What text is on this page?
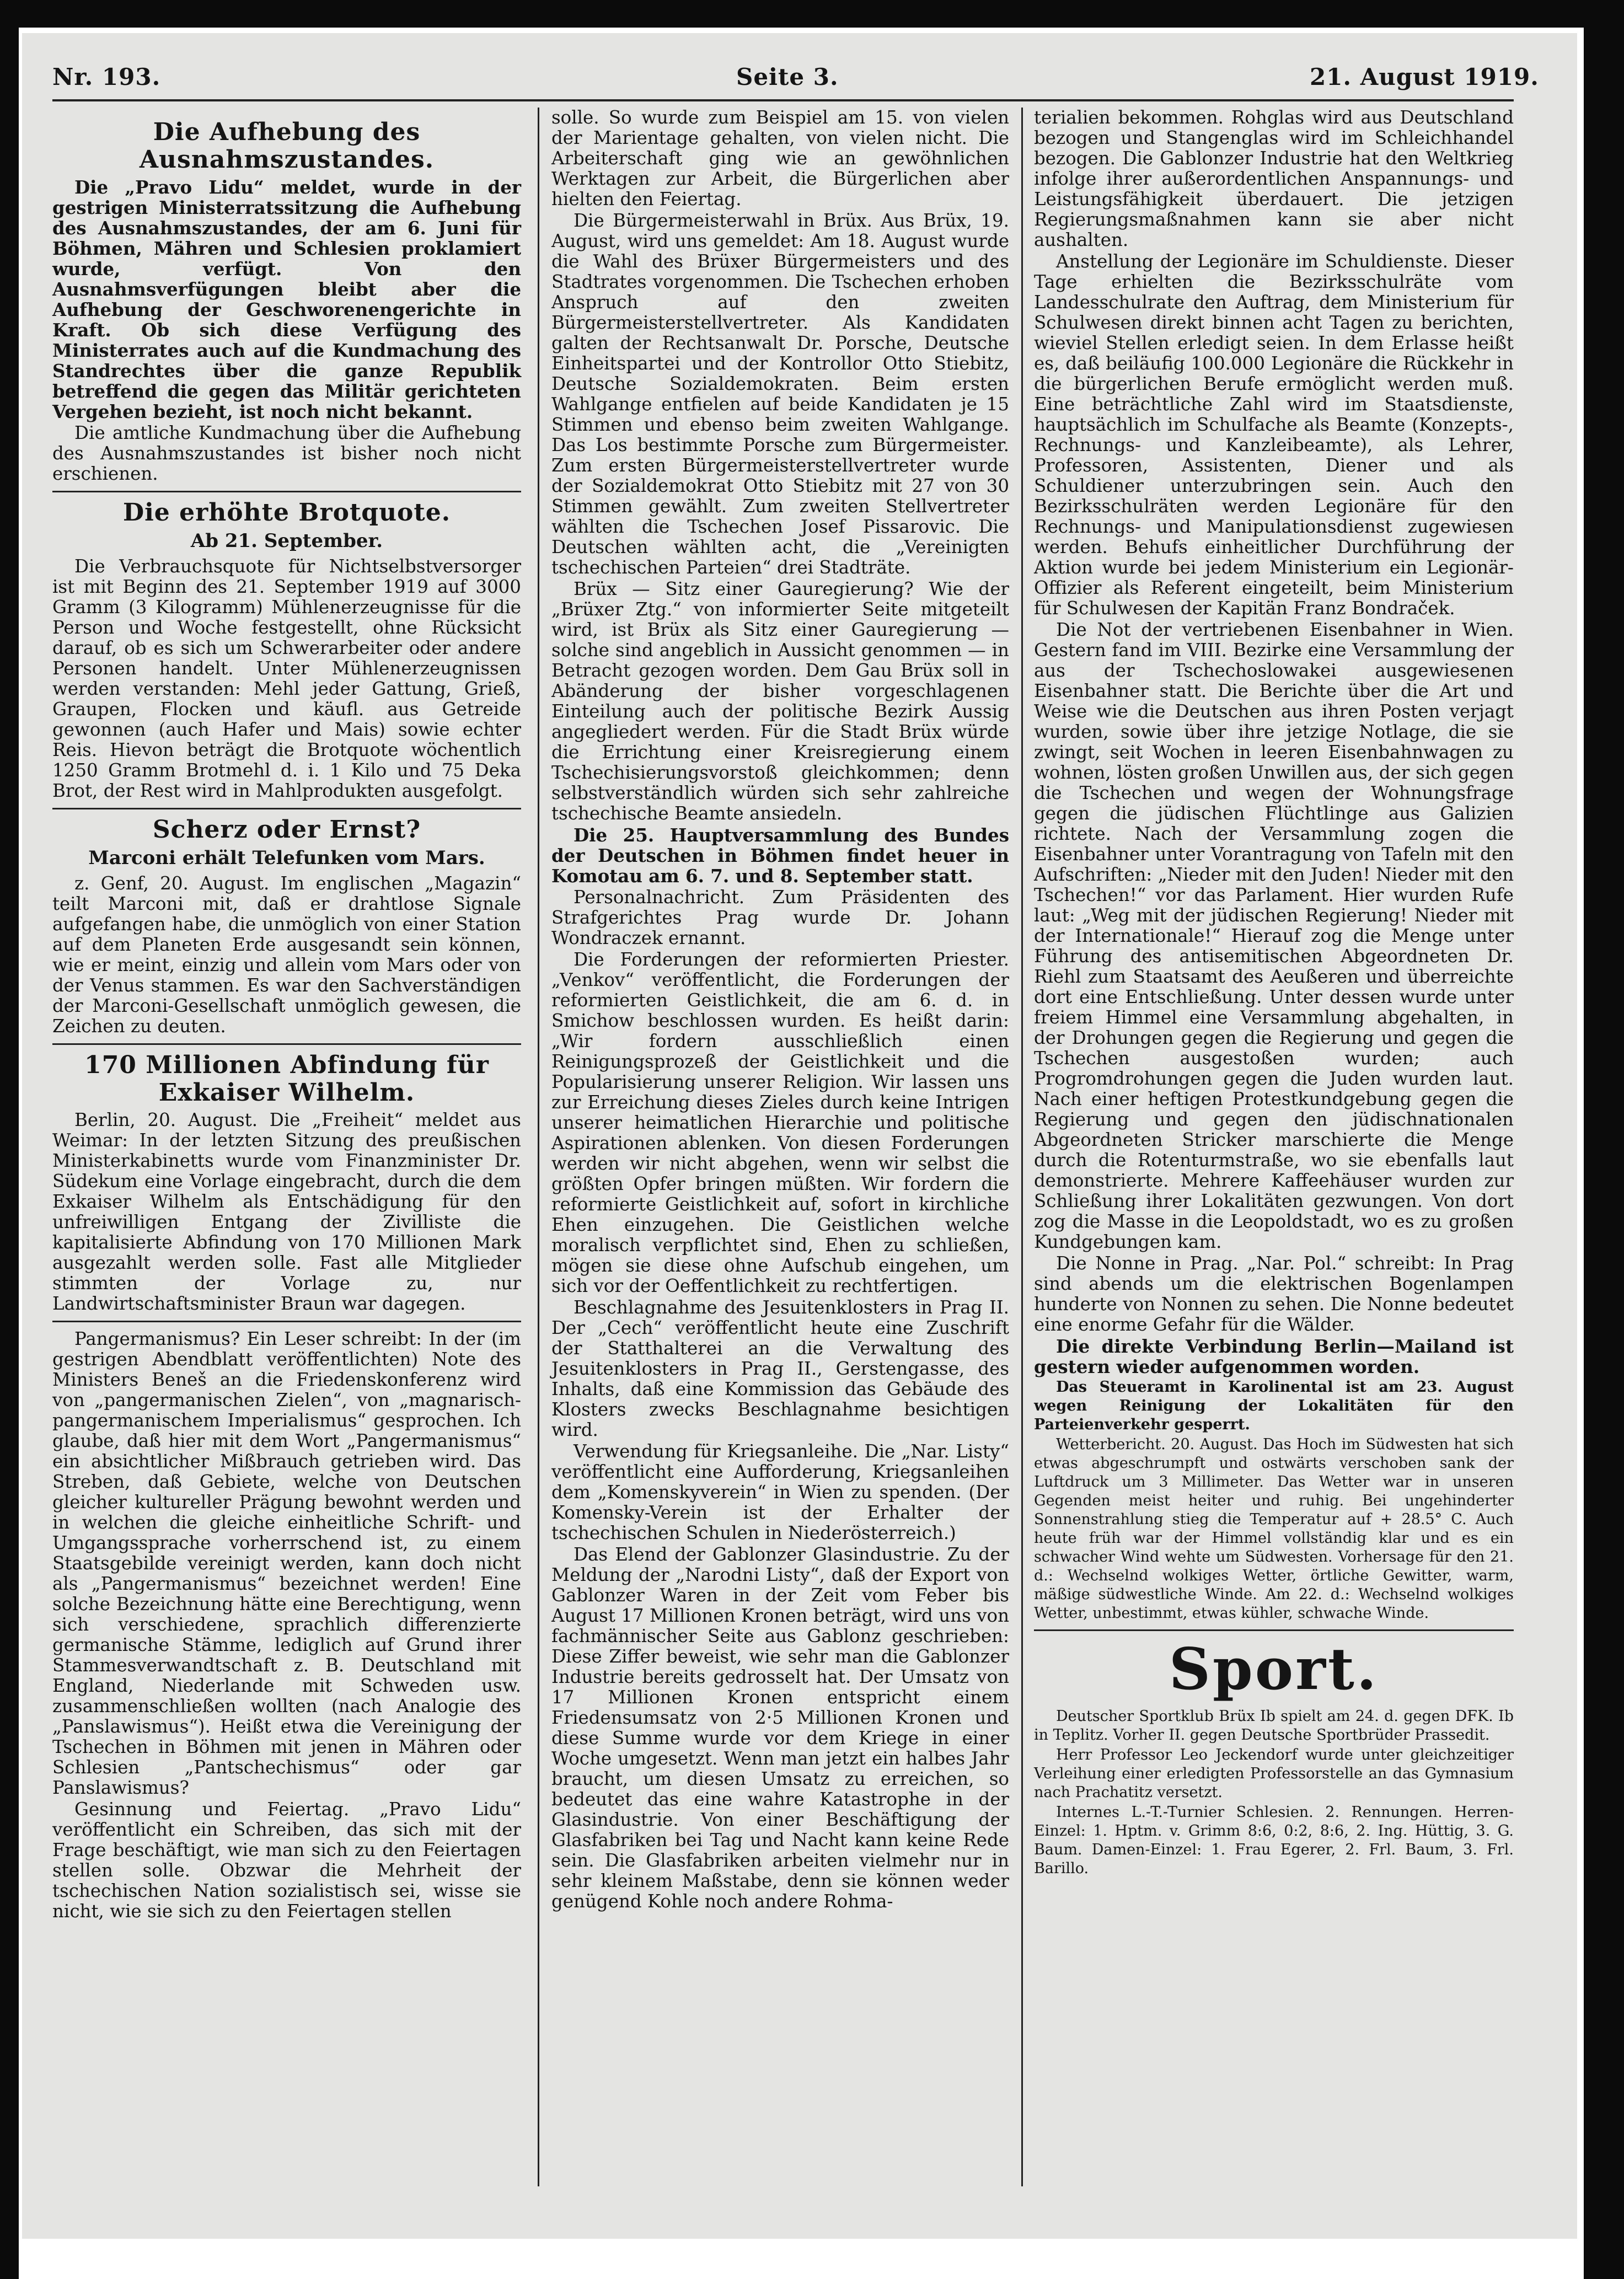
Nr. 193.	Seite 3.	21. August 1919.
Die Aufhebung des Ausnahmszustandes.

Die „Pravo Lidu“ meldet, wurde in der gestrigen Ministerratssitzung die Aufhebung des Ausnahmszustandes, der am 6. Juni für Böhmen, Mähren und Schlesien proklamiert wurde, verfügt. Von den Ausnahmsverfügungen bleibt aber die Aufhebung der Geschworenengerichte in Kraft. Ob sich diese Verfügung des Ministerrates auch auf die Kundmachung des Standrechtes über die ganze Republik betreffend die gegen das Militär gerichteten Vergehen bezieht, ist noch nicht bekannt.

Die amtliche Kundmachung über die Aufhebung des Ausnahmszustandes ist bisher noch nicht erschienen.

Die erhöhte Brotquote.
Ab 21. September.

Die Verbrauchsquote für Nichtselbstversorger ist mit Beginn des 21. September 1919 auf 3000 Gramm (3 Kilogramm) Mühlenerzeugnisse für die Person und Woche festgestellt, ohne Rücksicht darauf, ob es sich um Schwerarbeiter oder andere Personen handelt. Unter Mühlenerzeugnissen werden verstanden: Mehl jeder Gattung, Grieß, Graupen, Flocken und käufl. aus Getreide gewonnen (auch Hafer und Mais) sowie echter Reis. Hievon beträgt die Brotquote wöchentlich 1250 Gramm Brotmehl d. i. 1 Kilo und 75 Deka Brot, der Rest wird in Mahlprodukten ausgefolgt.

Scherz oder Ernst?
Marconi erhält Telefunken vom Mars.

z. Genf, 20. August. Im englischen „Magazin“ teilt Marconi mit, daß er drahtlose Signale aufgefangen habe, die unmöglich von einer Station auf dem Planeten Erde ausgesandt sein können, wie er meint, einzig und allein vom Mars oder von der Venus stammen. Es war den Sachverständigen der Marconi-Gesellschaft unmöglich gewesen, die Zeichen zu deuten.

170 Millionen Abfindung für Exkaiser Wilhelm.

Berlin, 20. August. Die „Freiheit“ meldet aus Weimar: In der letzten Sitzung des preußischen Ministerkabinetts wurde vom Finanzminister Dr. Südekum eine Vorlage eingebracht, durch die dem Exkaiser Wilhelm als Entschädigung für den unfreiwilligen Entgang der Zivilliste die kapitalisierte Abfindung von 170 Millionen Mark ausgezahlt werden solle. Fast alle Mitglieder stimmten der Vorlage zu, nur Landwirtschaftsminister Braun war dagegen.

Pangermanismus? Ein Leser schreibt: In der (im gestrigen Abendblatt veröffentlichten) Note des Ministers Beneš an die Friedenskonferenz wird von „pangermanischen Zielen“, von „magnarisch-pangermanischem Imperialismus“ gesprochen. Ich glaube, daß hier mit dem Wort „Pangermanismus“ ein absichtlicher Mißbrauch getrieben wird. Das Streben, daß Gebiete, welche von Deutschen gleicher kultureller Prägung bewohnt werden und in welchen die gleiche einheitliche Schrift- und Umgangssprache vorherrschend ist, zu einem Staatsgebilde vereinigt werden, kann doch nicht als „Pangermanismus“ bezeichnet werden! Eine solche Bezeichnung hätte eine Berechtigung, wenn sich verschiedene, sprachlich differenzierte germanische Stämme, lediglich auf Grund ihrer Stammesverwandtschaft z. B. Deutschland mit England, Niederlande mit Schweden usw. zusammenschließen wollten (nach Analogie des „Panslawismus“). Heißt etwa die Vereinigung der Tschechen in Böhmen mit jenen in Mähren oder Schlesien „Pantschechismus“ oder gar Panslawismus?

Gesinnung und Feiertag. „Pravo Lidu“ veröffentlicht ein Schreiben, das sich mit der Frage beschäftigt, wie man sich zu den Feiertagen stellen solle. Obzwar die Mehrheit der tschechischen Nation sozialistisch sei, wisse sie nicht, wie sie sich zu den Feiertagen stellen

solle. So wurde zum Beispiel am 15. von vielen der Marientage gehalten, von vielen nicht. Die Arbeiterschaft ging wie an gewöhnlichen Werktagen zur Arbeit, die Bürgerlichen aber hielten den Feiertag.

Die Bürgermeisterwahl in Brüx. Aus Brüx, 19. August, wird uns gemeldet: Am 18. August wurde die Wahl des Brüxer Bürgermeisters und des Stadtrates vorgenommen. Die Tschechen erhoben Anspruch auf den zweiten Bürgermeisterstellvertreter. Als Kandidaten galten der Rechtsanwalt Dr. Porsche, Deutsche Einheitspartei und der Kontrollor Otto Stiebitz, Deutsche Sozialdemokraten. Beim ersten Wahlgange entfielen auf beide Kandidaten je 15 Stimmen und ebenso beim zweiten Wahlgange. Das Los bestimmte Porsche zum Bürgermeister. Zum ersten Bürgermeisterstellvertreter wurde der Sozialdemokrat Otto Stiebitz mit 27 von 30 Stimmen gewählt. Zum zweiten Stellvertreter wählten die Tschechen Josef Pissarovic. Die Deutschen wählten acht, die „Vereinigten tschechischen Parteien“ drei Stadträte.

Brüx — Sitz einer Gauregierung? Wie der „Brüxer Ztg.“ von informierter Seite mitgeteilt wird, ist Brüx als Sitz einer Gauregierung — solche sind angeblich in Aussicht genommen — in Betracht gezogen worden. Dem Gau Brüx soll in Abänderung der bisher vorgeschlagenen Einteilung auch der politische Bezirk Aussig angegliedert werden. Für die Stadt Brüx würde die Errichtung einer Kreisregierung einem Tschechisierungsvorstoß gleichkommen; denn selbstverständlich würden sich sehr zahlreiche tschechische Beamte ansiedeln.

Die 25. Hauptversammlung des Bundes der Deutschen in Böhmen findet heuer in Komotau am 6. 7. und 8. September statt.

Personalnachricht. Zum Präsidenten des Strafgerichtes Prag wurde Dr. Johann Wondraczek ernannt.

Die Forderungen der reformierten Priester. „Venkov“ veröffentlicht, die Forderungen der reformierten Geistlichkeit, die am 6. d. in Smichow beschlossen wurden. Es heißt darin: „Wir fordern ausschließlich einen Reinigungsprozeß der Geistlichkeit und die Popularisierung unserer Religion. Wir lassen uns zur Erreichung dieses Zieles durch keine Intrigen unserer heimatlichen Hierarchie und politische Aspirationen ablenken. Von diesen Forderungen werden wir nicht abgehen, wenn wir selbst die größten Opfer bringen müßten. Wir fordern die reformierte Geistlichkeit auf, sofort in kirchliche Ehen einzugehen. Die Geistlichen welche moralisch verpflichtet sind, Ehen zu schließen, mögen sie diese ohne Aufschub eingehen, um sich vor der Oeffentlichkeit zu rechtfertigen.

Beschlagnahme des Jesuitenklosters in Prag II. Der „Cech“ veröffentlicht heute eine Zuschrift der Statthalterei an die Verwaltung des Jesuitenklosters in Prag II., Gerstengasse, des Inhalts, daß eine Kommission das Gebäude des Klosters zwecks Beschlagnahme besichtigen wird.

Verwendung für Kriegsanleihe. Die „Nar. Listy“ veröffentlicht eine Aufforderung, Kriegsanleihen dem „Komenskyverein“ in Wien zu spenden. (Der Komensky-Verein ist der Erhalter der tschechischen Schulen in Niederösterreich.)

Das Elend der Gablonzer Glasindustrie. Zu der Meldung der „Narodni Listy“, daß der Export von Gablonzer Waren in der Zeit vom Feber bis August 17 Millionen Kronen beträgt, wird uns von fachmännischer Seite aus Gablonz geschrieben: Diese Ziffer beweist, wie sehr man die Gablonzer Industrie bereits gedrosselt hat. Der Umsatz von 17 Millionen Kronen entspricht einem Friedensumsatz von 2·5 Millionen Kronen und diese Summe wurde vor dem Kriege in einer Woche umgesetzt. Wenn man jetzt ein halbes Jahr braucht, um diesen Umsatz zu erreichen, so bedeutet das eine wahre Katastrophe in der Glasindustrie. Von einer Beschäftigung der Glasfabriken bei Tag und Nacht kann keine Rede sein. Die Glasfabriken arbeiten vielmehr nur in sehr kleinem Maßstabe, denn sie können weder genügend Kohle noch andere Rohma-

terialien bekommen. Rohglas wird aus Deutschland bezogen und Stangenglas wird im Schleichhandel bezogen. Die Gablonzer Industrie hat den Weltkrieg infolge ihrer außerordentlichen Anspannungs- und Leistungsfähigkeit überdauert. Die jetzigen Regierungsmaßnahmen kann sie aber nicht aushalten.

Anstellung der Legionäre im Schuldienste. Dieser Tage erhielten die Bezirksschulräte vom Landesschulrate den Auftrag, dem Ministerium für Schulwesen direkt binnen acht Tagen zu berichten, wieviel Stellen erledigt seien. In dem Erlasse heißt es, daß beiläufig 100.000 Legionäre die Rückkehr in die bürgerlichen Berufe ermöglicht werden muß. Eine beträchtliche Zahl wird im Staatsdienste, hauptsächlich im Schulfache als Beamte (Konzepts-, Rechnungs- und Kanzleibeamte), als Lehrer, Professoren, Assistenten, Diener und als Schuldiener unterzubringen sein. Auch den Bezirksschulräten werden Legionäre für den Rechnungs- und Manipulationsdienst zugewiesen werden. Behufs einheitlicher Durchführung der Aktion wurde bei jedem Ministerium ein Legionär-Offizier als Referent eingeteilt, beim Ministerium für Schulwesen der Kapitän Franz Bondraček.

Die Not der vertriebenen Eisenbahner in Wien. Gestern fand im VIII. Bezirke eine Versammlung der aus der Tschechoslowakei ausgewiesenen Eisenbahner statt. Die Berichte über die Art und Weise wie die Deutschen aus ihren Posten verjagt wurden, sowie über ihre jetzige Notlage, die sie zwingt, seit Wochen in leeren Eisenbahnwagen zu wohnen, lösten großen Unwillen aus, der sich gegen die Tschechen und wegen der Wohnungsfrage gegen die jüdischen Flüchtlinge aus Galizien richtete. Nach der Versammlung zogen die Eisenbahner unter Vorantragung von Tafeln mit den Aufschriften: „Nieder mit den Juden! Nieder mit den Tschechen!“ vor das Parlament. Hier wurden Rufe laut: „Weg mit der jüdischen Regierung! Nieder mit der Internationale!“ Hierauf zog die Menge unter Führung des antisemitischen Abgeordneten Dr. Riehl zum Staatsamt des Aeußeren und überreichte dort eine Entschließung. Unter dessen wurde unter freiem Himmel eine Versammlung abgehalten, in der Drohungen gegen die Regierung und gegen die Tschechen ausgestoßen wurden; auch Progromdrohungen gegen die Juden wurden laut. Nach einer heftigen Protestkundgebung gegen die Regierung und gegen den jüdischnationalen Abgeordneten Stricker marschierte die Menge durch die Rotenturmstraße, wo sie ebenfalls laut demonstrierte. Mehrere Kaffeehäuser wurden zur Schließung ihrer Lokalitäten gezwungen. Von dort zog die Masse in die Leopoldstadt, wo es zu großen Kundgebungen kam.

Die Nonne in Prag. „Nar. Pol.“ schreibt: In Prag sind abends um die elektrischen Bogenlampen hunderte von Nonnen zu sehen. Die Nonne bedeutet eine enorme Gefahr für die Wälder.

Die direkte Verbindung Berlin—Mailand ist gestern wieder aufgenommen worden.

Das Steueramt in Karolinental ist am 23. August wegen Reinigung der Lokalitäten für den Parteienverkehr gesperrt.

Wetterbericht. 20. August. Das Hoch im Südwesten hat sich etwas abgeschrumpft und ostwärts verschoben sank der Luftdruck um 3 Millimeter. Das Wetter war in unseren Gegenden meist heiter und ruhig. Bei ungehinderter Sonnenstrahlung stieg die Temperatur auf + 28.5° C. Auch heute früh war der Himmel vollständig klar und es ein schwacher Wind wehte um Südwesten. Vorhersage für den 21. d.: Wechselnd wolkiges Wetter, örtliche Gewitter, warm, mäßige südwestliche Winde. Am 22. d.: Wechselnd wolkiges Wetter, unbestimmt, etwas kühler, schwache Winde.

Sport.

Deutscher Sportklub Brüx Ib spielt am 24. d. gegen DFK. Ib in Teplitz. Vorher II. gegen Deutsche Sportbrüder Prassedit.

Herr Professor Leo Jeckendorf wurde unter gleichzeitiger Verleihung einer erledigten Professorstelle an das Gymnasium nach Prachatitz versetzt.

Internes L.-T.-Turnier Schlesien. 2. Rennungen. Herren-Einzel: 1. Hptm. v. Grimm 8:6, 0:2, 8:6, 2. Ing. Hüttig, 3. G. Baum. Damen-Einzel: 1. Frau Egerer, 2. Frl. Baum, 3. Frl. Barillo.
